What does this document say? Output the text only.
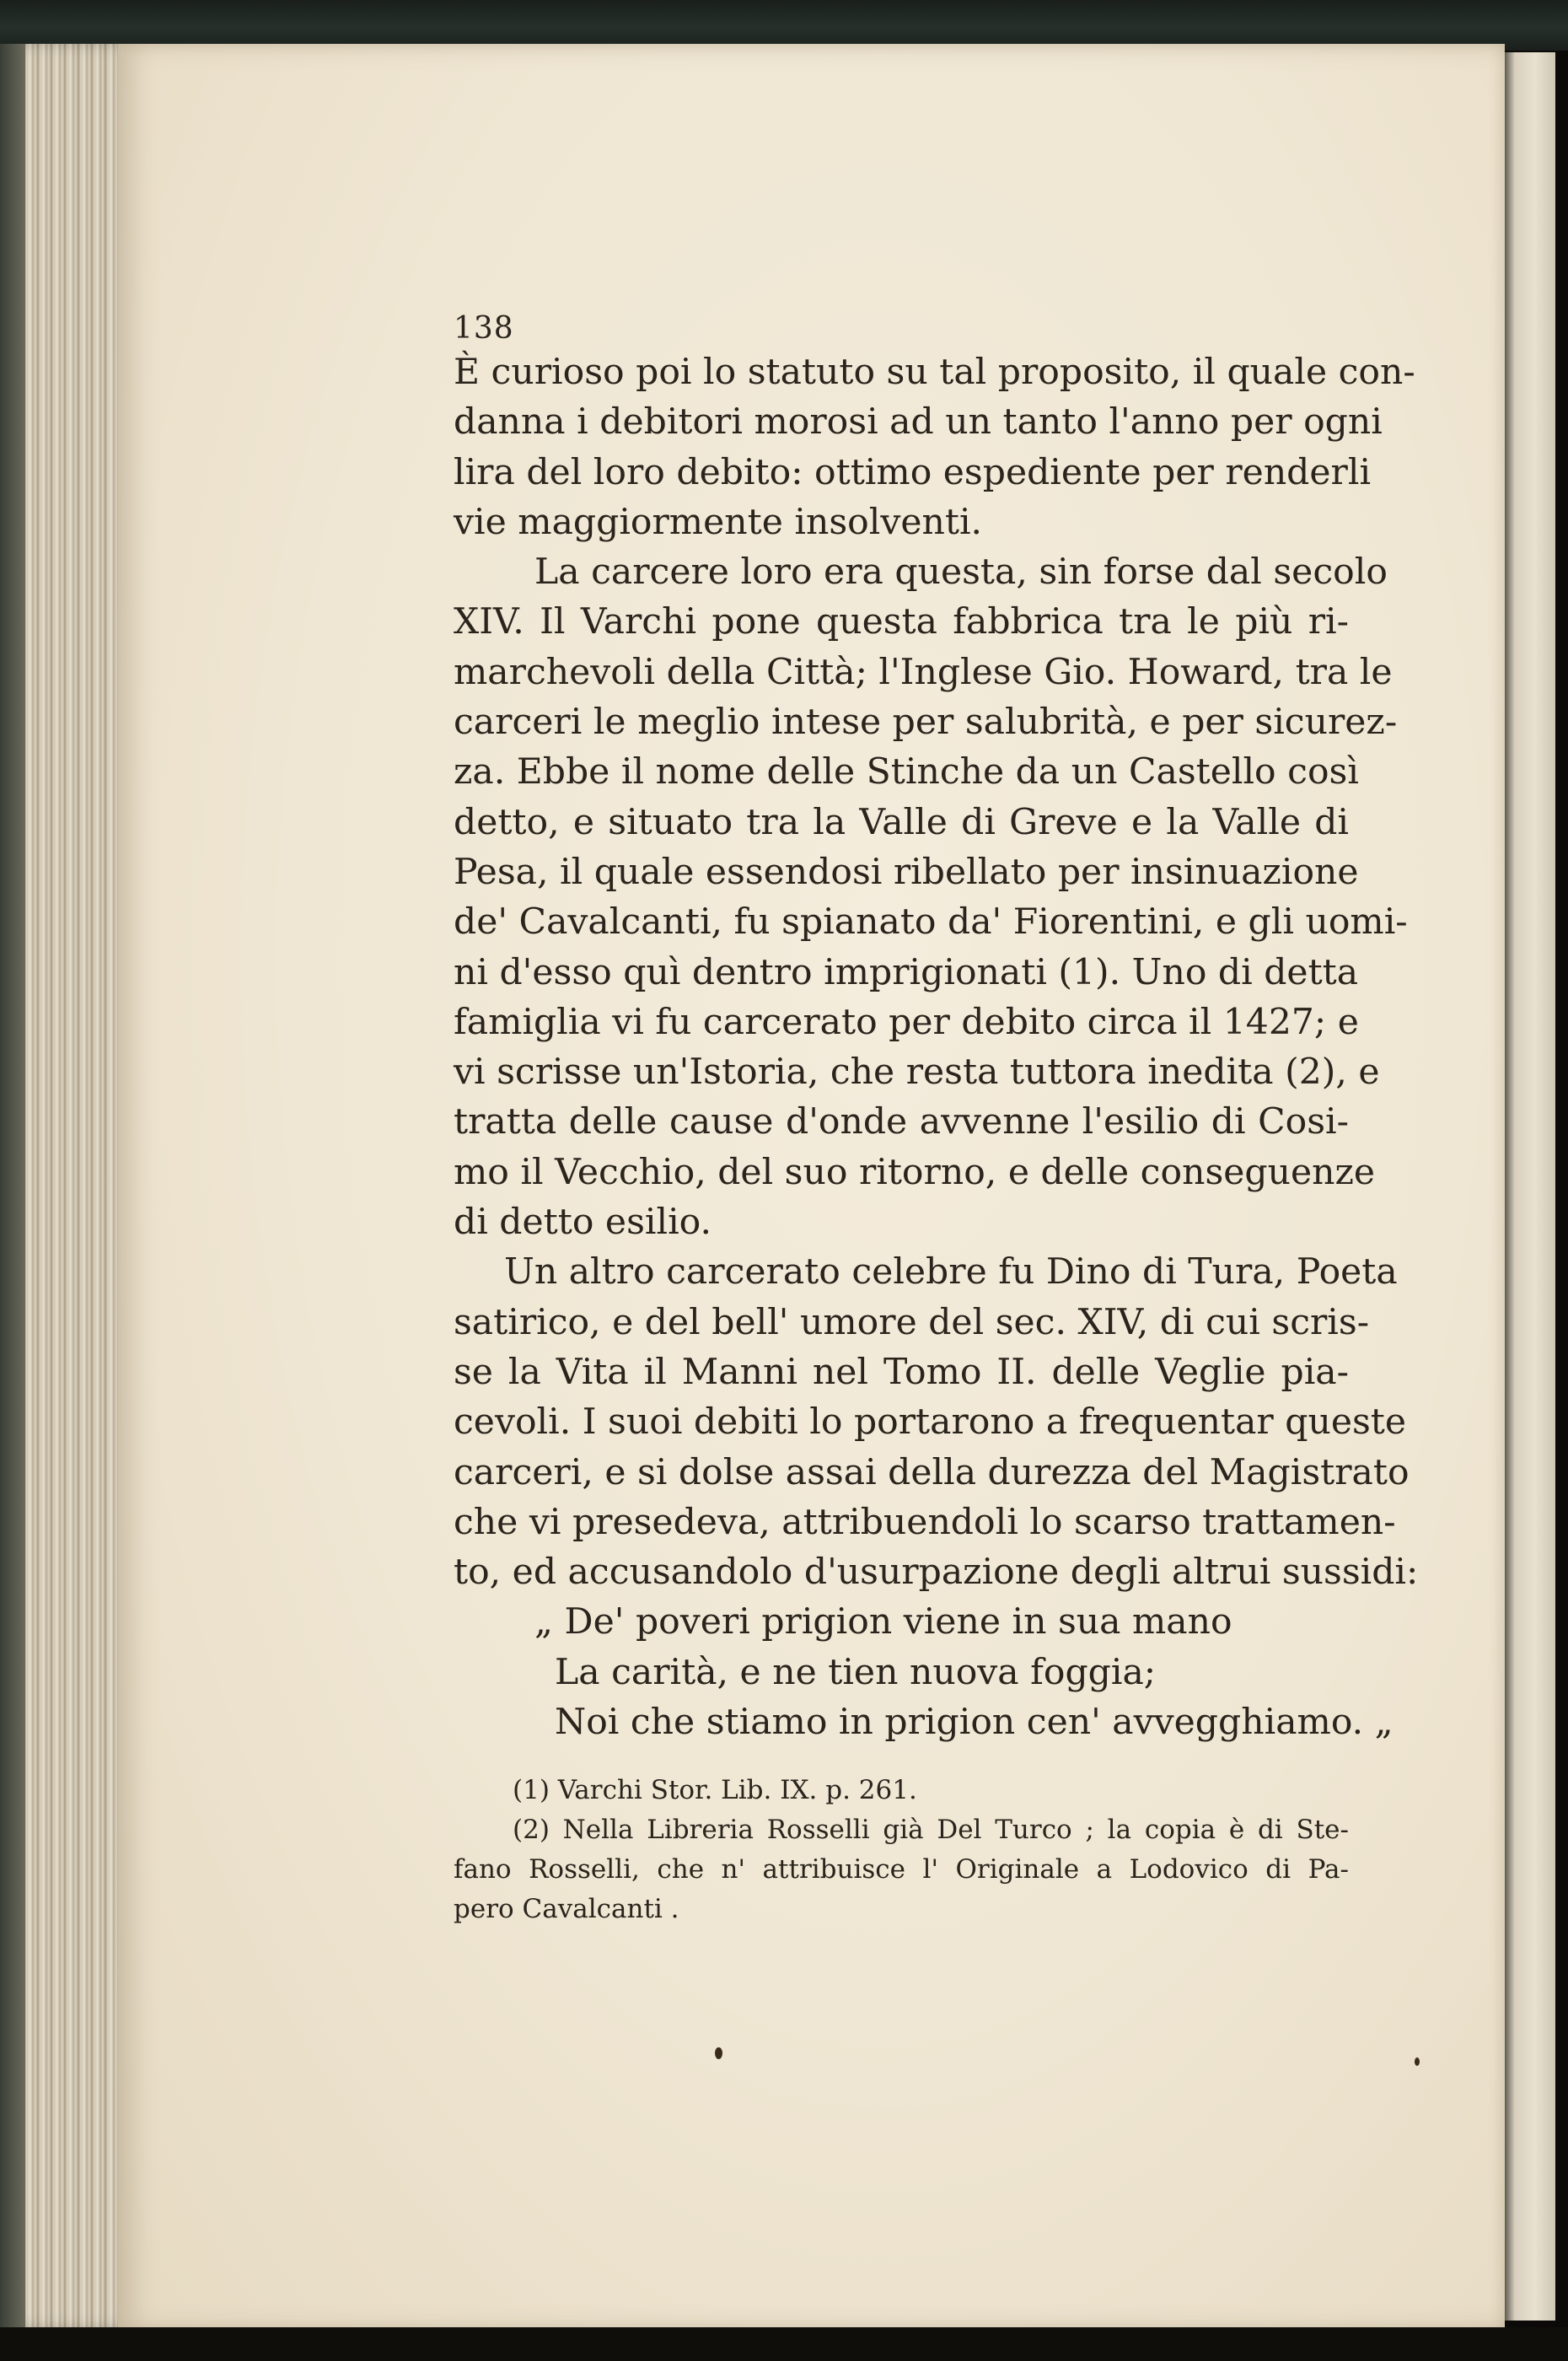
138
È curioso poi lo statuto su tal proposito, il quale con-
danna i debitori morosi ad un tanto l'anno per ogni
lira del loro debito: ottimo espediente per renderli
vie maggiormente insolventi.
La carcere loro era questa, sin forse dal secolo
XIV. Il Varchi pone questa fabbrica tra le più ri-
marchevoli della Città; l'Inglese Gio. Howard, tra le
carceri le meglio intese per salubrità, e per sicurez-
za. Ebbe il nome delle Stinche da un Castello così
detto, e situato tra la Valle di Greve e la Valle di
Pesa, il quale essendosi ribellato per insinuazione
de' Cavalcanti, fu spianato da' Fiorentini, e gli uomi-
ni d'esso quì dentro imprigionati (1). Uno di detta
famiglia vi fu carcerato per debito circa il 1427; e
vi scrisse un'Istoria, che resta tuttora inedita (2), e
tratta delle cause d'onde avvenne l'esilio di Cosi-
mo il Vecchio, del suo ritorno, e delle conseguenze
di detto esilio.
Un altro carcerato celebre fu Dino di Tura, Poeta
satirico, e del bell' umore del sec. XIV, di cui scris-
se la Vita il Manni nel Tomo II. delle Veglie pia-
cevoli. I suoi debiti lo portarono a frequentar queste
carceri, e si dolse assai della durezza del Magistrato
che vi presedeva, attribuendoli lo scarso trattamen-
to, ed accusandolo d'usurpazione degli altrui sussidi:
„ De' poveri prigion viene in sua mano
La carità, e ne tien nuova foggia;
Noi che stiamo in prigion cen' avvegghiamo. „
(1) Varchi Stor. Lib. IX. p. 261.
(2) Nella Libreria Rosselli già Del Turco ; la copia è di Ste-
fano Rosselli, che n' attribuisce l' Originale a Lodovico di Pa-
pero Cavalcanti .
